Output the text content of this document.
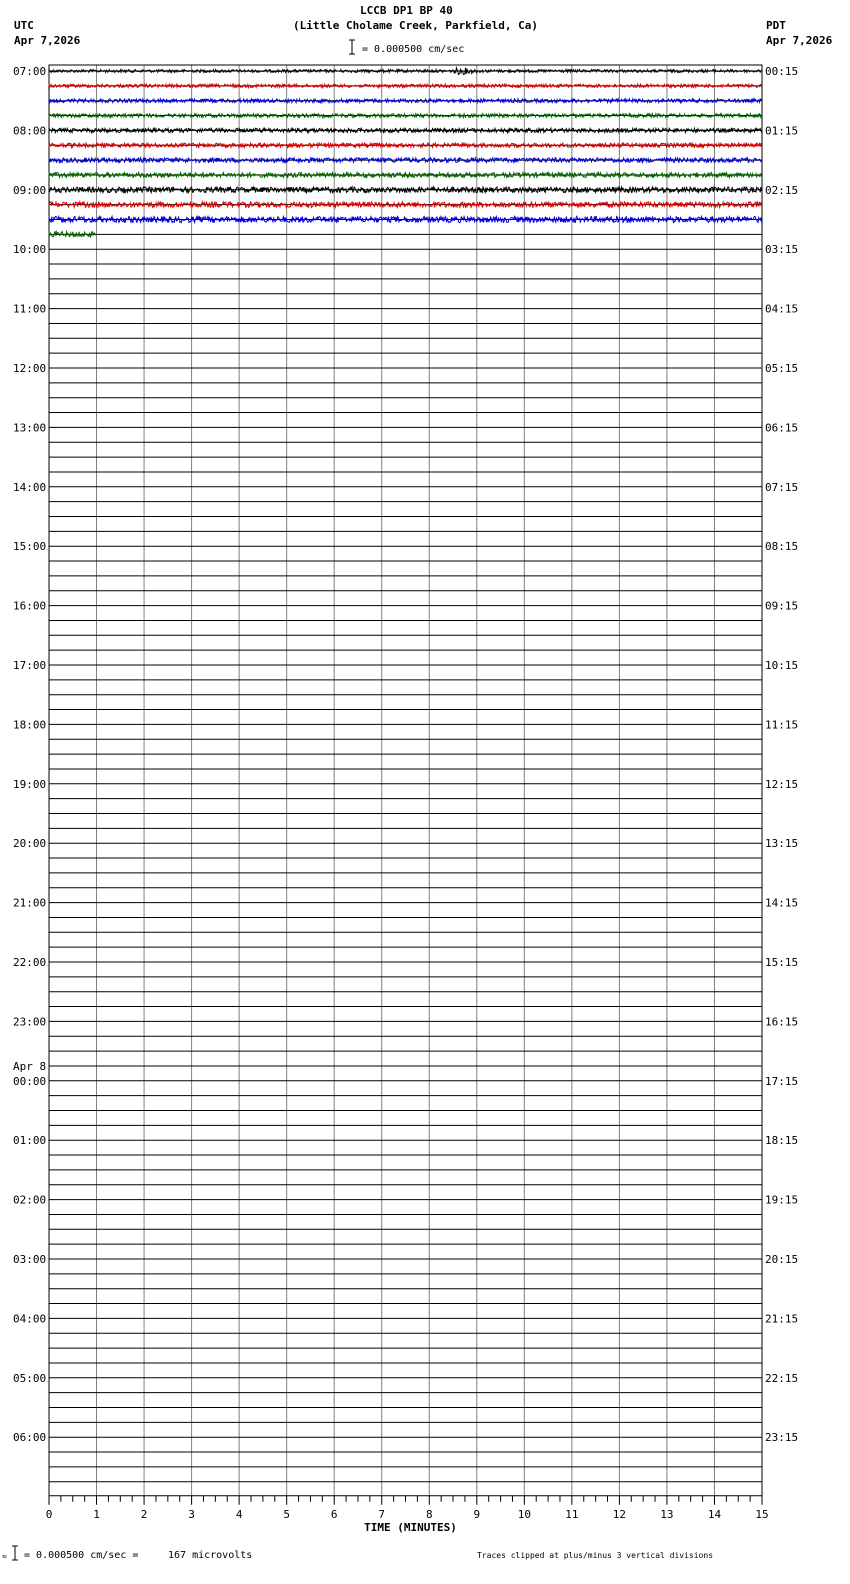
LCCB DP1 BP 40
(Little Cholame Creek, Parkfield, Ca)
UTC
Apr 7,2026
PDT
Apr 7,2026
= 0.000500 cm/sec
07:00	00:15
08:00	01:15
09:00	02:15
10:00	03:15
11:00	04:15
12:00	05:15
13:00	06:15
14:00	07:15
15:00	08:15
16:00	09:15
17:00	10:15
18:00	11:15
19:00	12:15
20:00	13:15
21:00	14:15
22:00	15:15
23:00	16:15
00:00	17:15
01:00	18:15
02:00	19:15
03:00	20:15
04:00	21:15
05:00	22:15
06:00	23:15
Apr 8
0	1	2	3	4	5	6	7	8	9	10	11	12	13	14	15
TIME (MINUTES)
≈ = 0.000500 cm/sec =	167 microvolts	Traces clipped at plus/minus 3 vertical divisions
